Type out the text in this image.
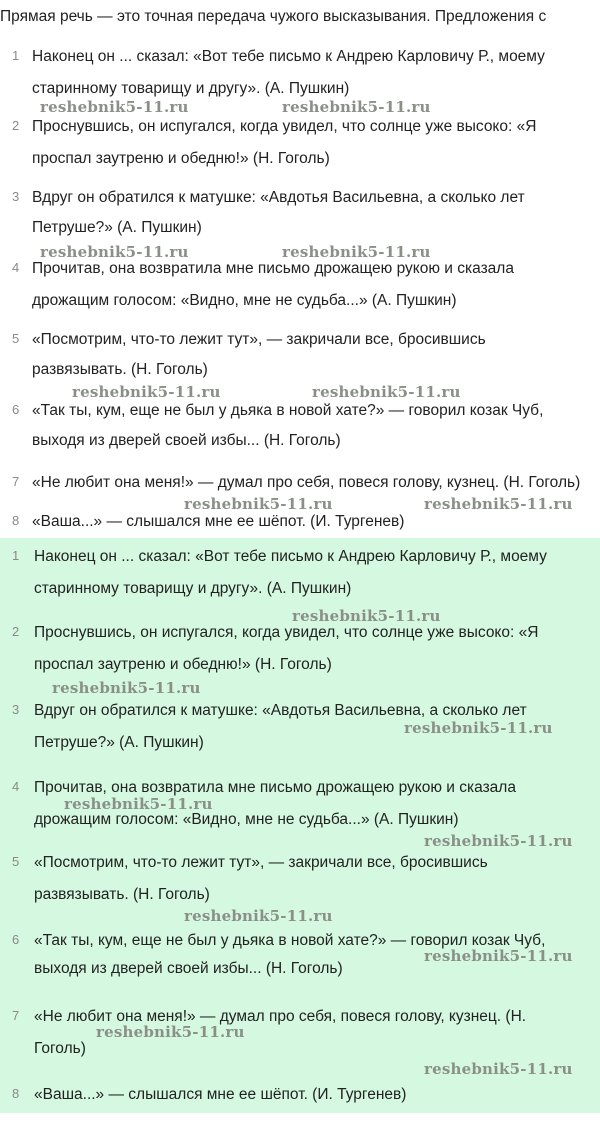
Прямая речь — это точная передача чужого высказывания. Предложения с
1 Наконец он ... сказал: «Вот тебе письмо к Андрею Карловичу Р., моему
старинному товарищу и другу». (А. Пушкин)
2 Проснувшись, он испугался, когда увидел, что солнце уже высоко: «Я
проспал заутреню и обедню!» (Н. Гоголь)
3 Вдруг он обратился к матушке: «Авдотья Васильевна, а сколько лет
Петруше?» (А. Пушкин)
4 Прочитав, она возвратила мне письмо дрожащею рукою и сказала
дрожащим голосом: «Видно, мне не судьба...» (А. Пушкин)
5 «Посмотрим, что-то лежит тут», — закричали все, бросившись
развязывать. (Н. Гоголь)
6 «Так ты, кум, еще не был у дьяка в новой хате?» — говорил козак Чуб,
выходя из дверей своей избы... (Н. Гоголь)
7 «Не любит она меня!» — думал про себя, повеся голову, кузнец. (Н. Гоголь)
8 «Ваша...» — слышался мне ее шёпот. (И. Тургенев)
1 Наконец он ... сказал: «Вот тебе письмо к Андрею Карловичу Р., моему
старинному товарищу и другу». (А. Пушкин)
2 Проснувшись, он испугался, когда увидел, что солнце уже высоко: «Я
проспал заутреню и обедню!» (Н. Гоголь)
3 Вдруг он обратился к матушке: «Авдотья Васильевна, а сколько лет
Петруше?» (А. Пушкин)
4 Прочитав, она возвратила мне письмо дрожащею рукою и сказала
дрожащим голосом: «Видно, мне не судьба...» (А. Пушкин)
5 «Посмотрим, что-то лежит тут», — закричали все, бросившись
развязывать. (Н. Гоголь)
6 «Так ты, кум, еще не был у дьяка в новой хате?» — говорил козак Чуб,
выходя из дверей своей избы... (Н. Гоголь)
7 «Не любит она меня!» — думал про себя, повеся голову, кузнец. (Н.
Гоголь)
8 «Ваша...» — слышался мне ее шёпот. (И. Тургенев)
reshebnik5-11.ru	reshebnik5-11.ru
reshebnik5-11.ru	reshebnik5-11.ru
reshebnik5-11.ru	reshebnik5-11.ru
reshebnik5-11.ru	reshebnik5-11.ru
reshebnik5-11.ru
reshebnik5-11.ru
reshebnik5-11.ru
reshebnik5-11.ru
reshebnik5-11.ru
reshebnik5-11.ru
reshebnik5-11.ru
reshebnik5-11.ru
reshebnik5-11.ru
